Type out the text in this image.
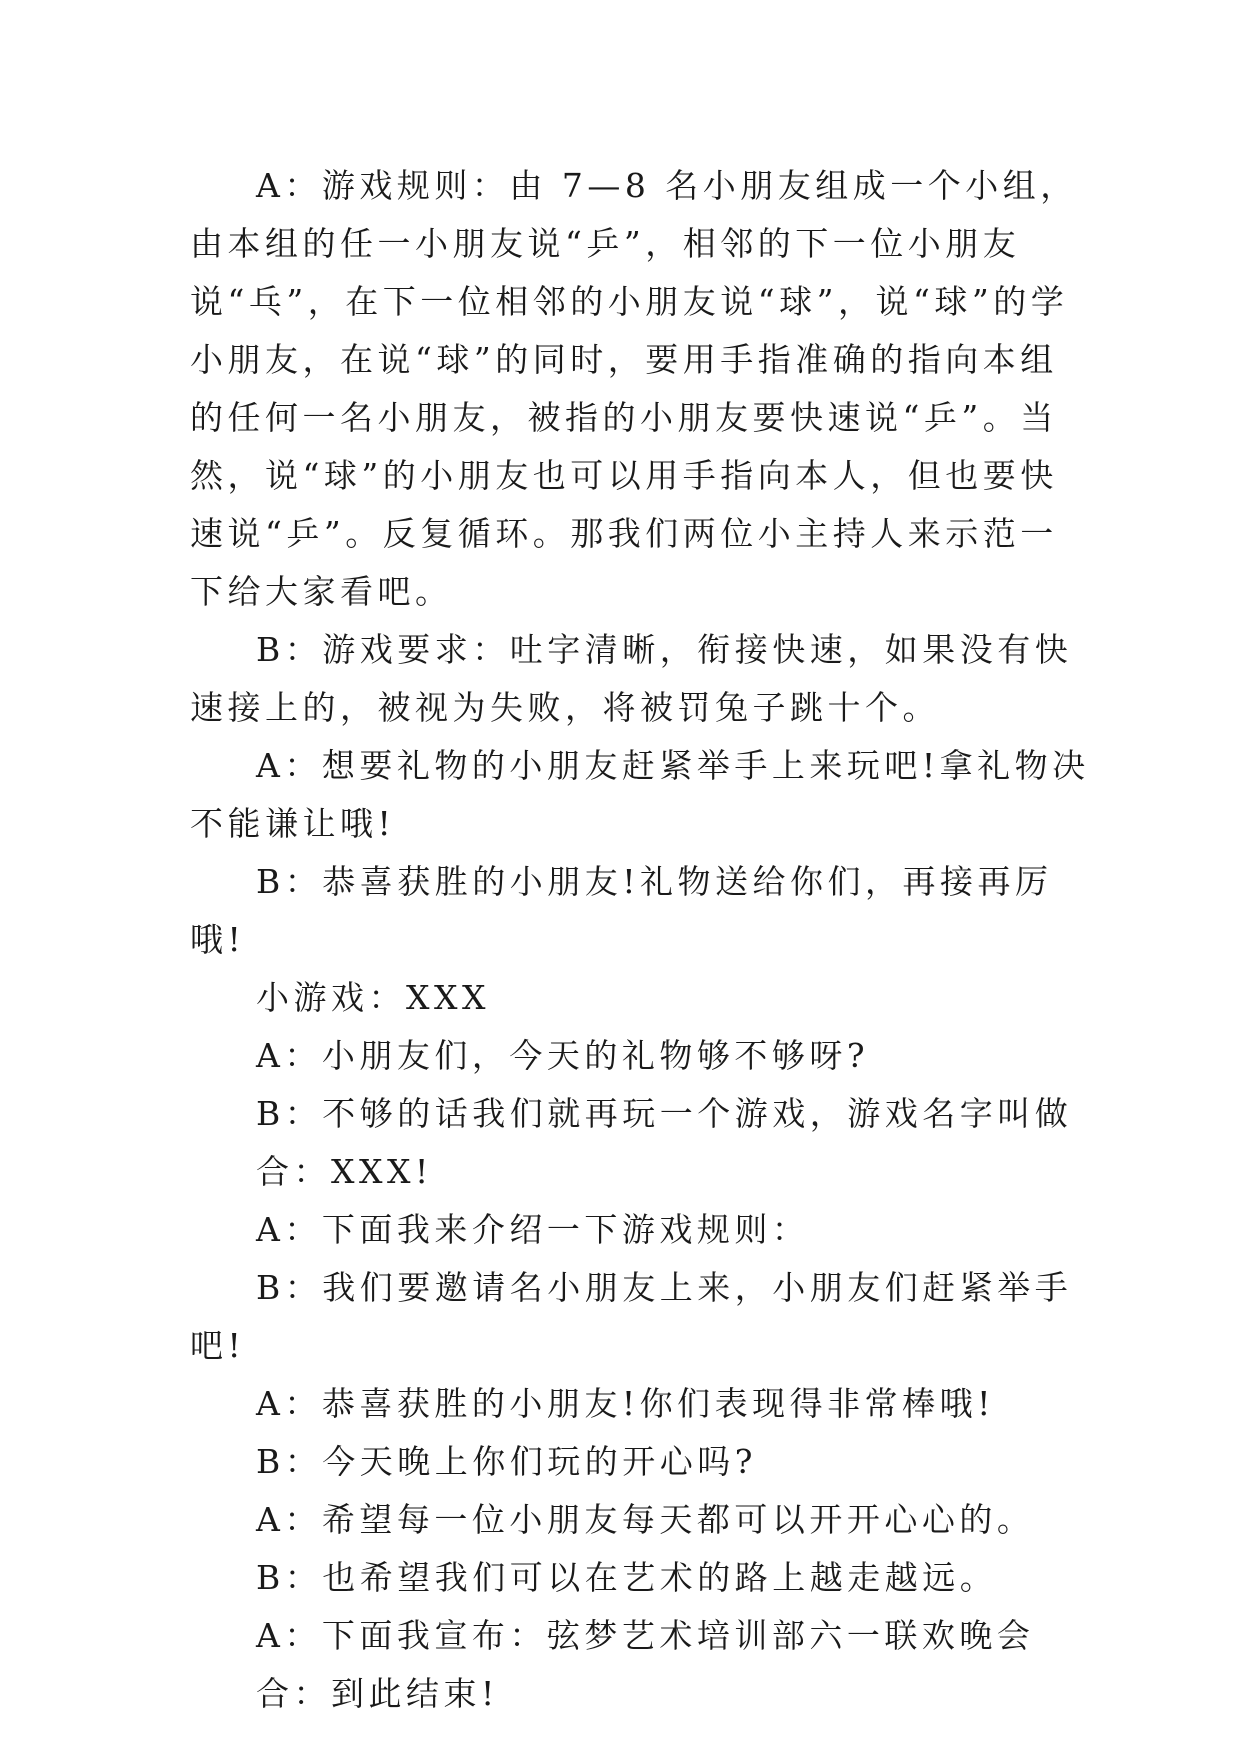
A：游戏规则：由 7—8 名小朋友组成一个小组，由本组的任一小朋友说“乒”，相邻的下一位小朋友说“乓”，在下一位相邻的小朋友说“球”，说“球”的学小朋友，在说“球”的同时，要用手指准确的指向本组的任何一名小朋友，被指的小朋友要快速说“乒”。当然，说“球”的小朋友也可以用手指向本人，但也要快速说“乒”。反复循环。那我们两位小主持人来示范一下给大家看吧。

B：游戏要求：吐字清晰，衔接快速，如果没有快速接上的，被视为失败，将被罚兔子跳十个。

A：想要礼物的小朋友赶紧举手上来玩吧!拿礼物决不能谦让哦!

B：恭喜获胜的小朋友!礼物送给你们，再接再厉哦!

小游戏：XXX

A：小朋友们，今天的礼物够不够呀?

B：不够的话我们就再玩一个游戏，游戏名字叫做

合：XXX!

A：下面我来介绍一下游戏规则：

B：我们要邀请名小朋友上来，小朋友们赶紧举手吧!

A：恭喜获胜的小朋友!你们表现得非常棒哦!

B：今天晚上你们玩的开心吗?

A：希望每一位小朋友每天都可以开开心心的。

B：也希望我们可以在艺术的路上越走越远。

A：下面我宣布：弦梦艺术培训部六一联欢晚会

合：到此结束!
